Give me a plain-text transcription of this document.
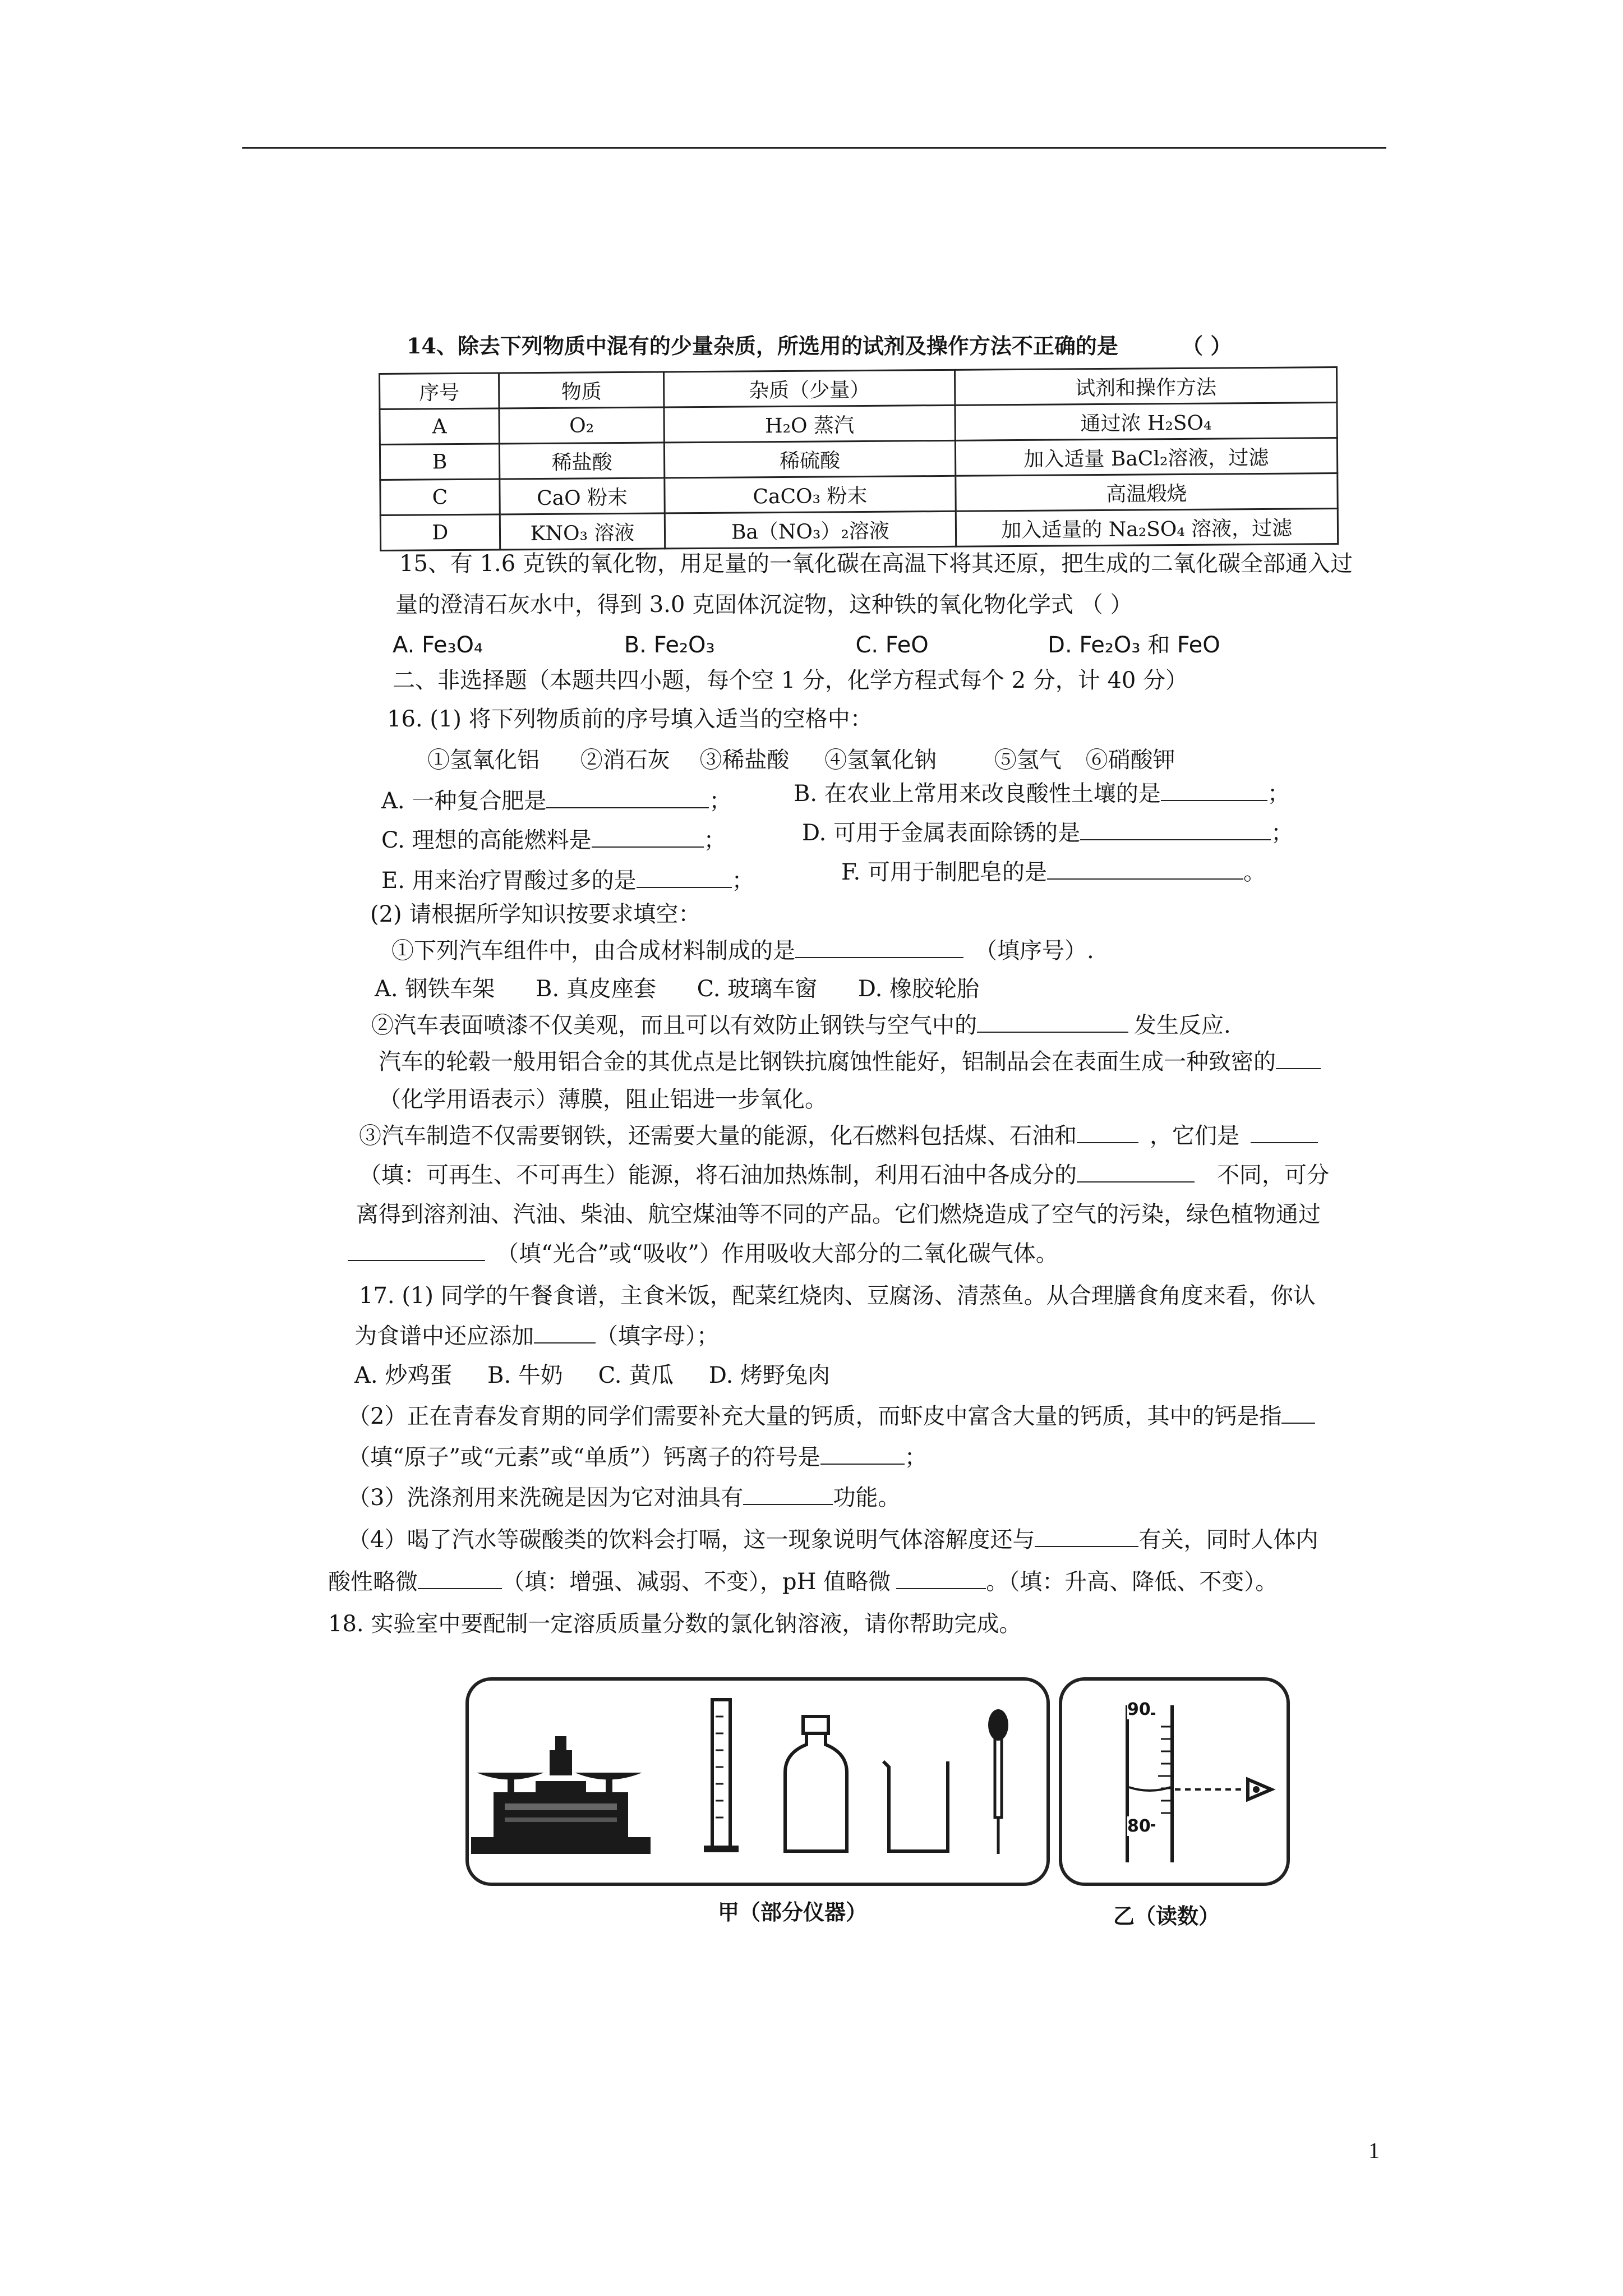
14、除去下列物质中混有的少量杂质，所选用的试剂及操作方法不正确的是	（ ）
序号	物质	杂质（少量）	试剂和操作方法
A	O₂	H₂O 蒸汽	通过浓 H₂SO₄
B	稀盐酸	稀硫酸	加入适量 BaCl₂溶液，过滤
C	CaO 粉末	CaCO₃ 粉末	高温煅烧
D	KNO₃ 溶液	Ba（NO₃）₂溶液	加入适量的 Na₂SO₄ 溶液，过滤
15、有 1.6 克铁的氧化物，用足量的一氧化碳在高温下将其还原，把生成的二氧化碳全部通入过
量的澄清石灰水中，得到 3.0 克固体沉淀物，这种铁的氧化物化学式 （ ）
A. Fe₃O₄	B. Fe₂O₃	C. FeO	D. Fe₂O₃ 和 FeO
二、非选择题（本题共四小题，每个空 1 分，化学方程式每个 2 分，计 40 分）
16. (1) 将下列物质前的序号填入适当的空格中：
①氢氧化铝 ②消石灰 ③稀盐酸 ④氢氧化钠	⑤氢气 ⑥硝酸钾
A. 一种复合肥是	；	B. 在农业上常用来改良酸性土壤的是	；
C. 理想的高能燃料是	；	D. 可用于金属表面除锈的是	；
E. 用来治疗胃酸过多的是	；	F. 可用于制肥皂的是	。
(2) 请根据所学知识按要求填空：
①下列汽车组件中，由合成材料制成的是	（填序号）.
A. 钢铁车架 B. 真皮座套 C. 玻璃车窗 D. 橡胶轮胎
②汽车表面喷漆不仅美观，而且可以有效防止钢铁与空气中的	发生反应.
汽车的轮毂一般用铝合金的其优点是比钢铁抗腐蚀性能好，铝制品会在表面生成一种致密的
（化学用语表示）薄膜，阻止铝进一步氧化。
③汽车制造不仅需要钢铁，还需要大量的能源，化石燃料包括煤、石油和	，它们是
（填：可再生、不可再生）能源，将石油加热炼制，利用石油中各成分的	不同，可分
离得到溶剂油、汽油、柴油、航空煤油等不同的产品。它们燃烧造成了空气的污染，绿色植物通过
（填“光合”或“吸收”）作用吸收大部分的二氧化碳气体。
17. (1) 同学的午餐食谱，主食米饭，配菜红烧肉、豆腐汤、清蒸鱼。从合理膳食角度来看，你认
为食谱中还应添加	（填字母）；
A. 炒鸡蛋 B. 牛奶 C. 黄瓜 D. 烤野兔肉
（2）正在青春发育期的同学们需要补充大量的钙质，而虾皮中富含大量的钙质，其中的钙是指
（填“原子”或“元素”或“单质”）钙离子的符号是	；
（3）洗涤剂用来洗碗是因为它对油具有	功能。
（4）喝了汽水等碳酸类的饮料会打嗝，这一现象说明气体溶解度还与	有关，同时人体内
酸性略微	（填：增强、减弱、不变），pH 值略微	。（填：升高、降低、不变）。
18. 实验室中要配制一定溶质质量分数的氯化钠溶液，请你帮助完成。
甲（部分仪器）
90
80
乙（读数）
1
